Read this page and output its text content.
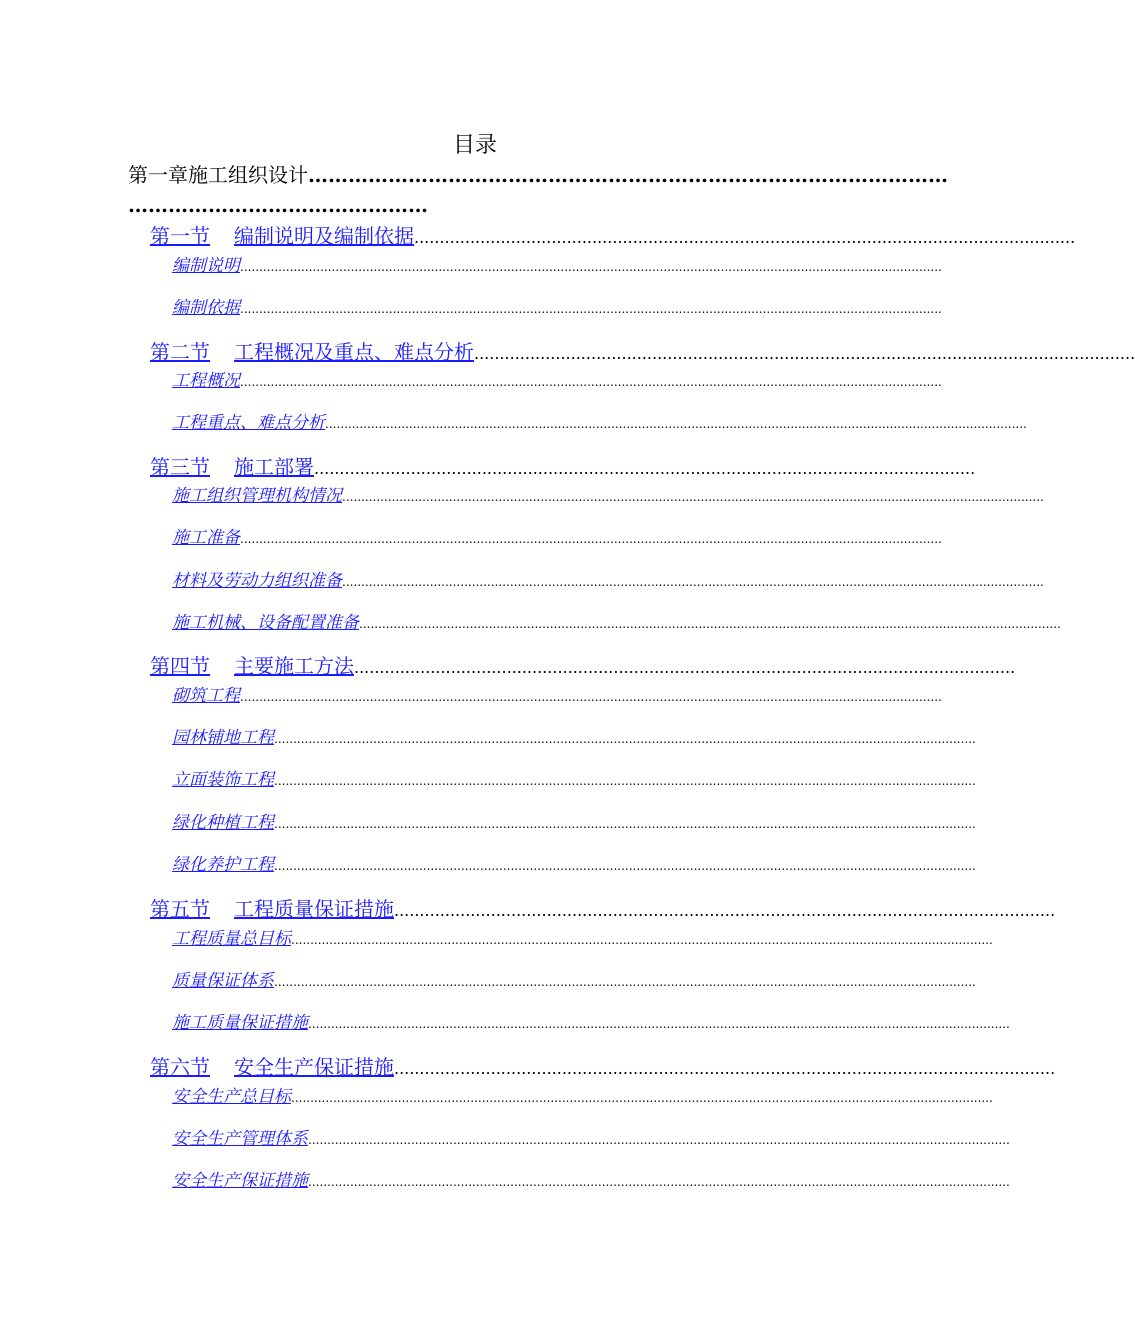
目录
第一章 施工组织设计 ……………………………………………………………………………………
………………………………………
第一节 编制说明及编制依据 ..................................................................................................................................
编制说明 ........................................................................................................................................................................................
编制依据 ........................................................................................................................................................................................
第二节 工程概况及重点、难点分析 ..................................................................................................................................
工程概况 ........................................................................................................................................................................................
工程重点、难点分析 ........................................................................................................................................................................................
第三节 施工部署 ..................................................................................................................................
施工组织管理机构情况 ........................................................................................................................................................................................
施工准备 ........................................................................................................................................................................................
材料及劳动力组织准备 ........................................................................................................................................................................................
施工机械、设备配置准备 ........................................................................................................................................................................................
第四节 主要施工方法 ..................................................................................................................................
砌筑工程 ........................................................................................................................................................................................
园林铺地工程 ........................................................................................................................................................................................
立面装饰工程 ........................................................................................................................................................................................
绿化种植工程 ........................................................................................................................................................................................
绿化养护工程 ........................................................................................................................................................................................
第五节 工程质量保证措施 ..................................................................................................................................
工程质量总目标 ........................................................................................................................................................................................
质量保证体系 ........................................................................................................................................................................................
施工质量保证措施 ........................................................................................................................................................................................
第六节 安全生产保证措施 ..................................................................................................................................
安全生产总目标 ........................................................................................................................................................................................
安全生产管理体系 ........................................................................................................................................................................................
安全生产保证措施 ........................................................................................................................................................................................
